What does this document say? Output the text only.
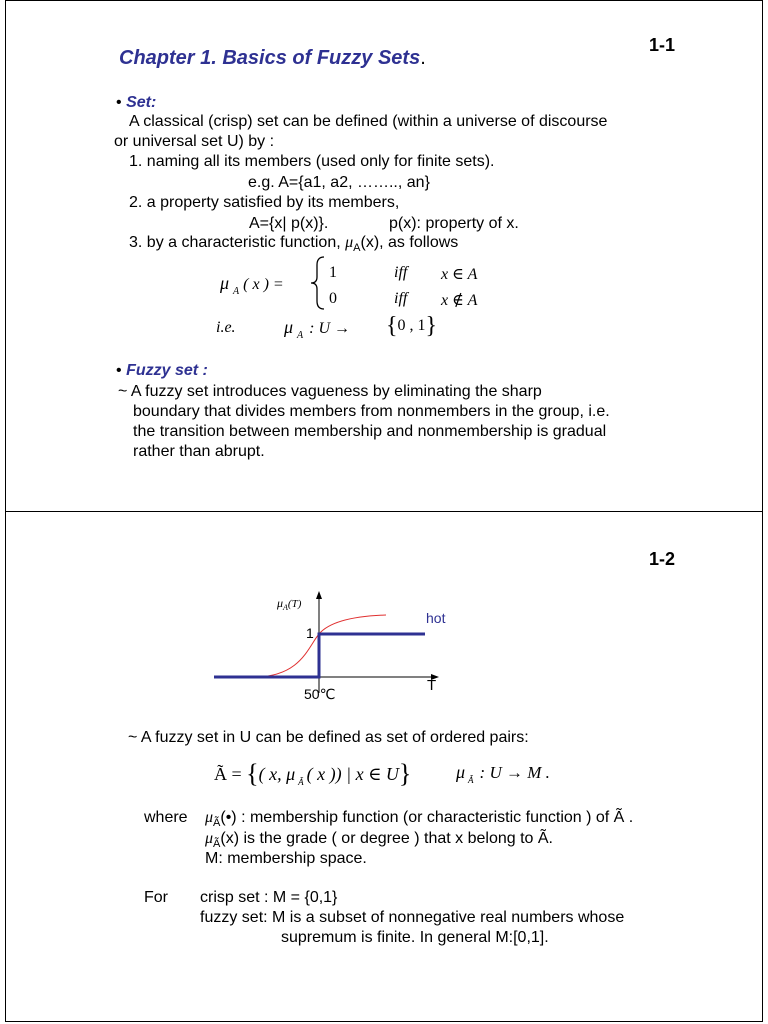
Chapter 1. Basics of Fuzzy Sets.
1-1
• Set:
A classical (crisp) set can be defined (within a universe of discourse
or universal set U) by :
1. naming all its members (used only for finite sets).
e.g. A={a1, a2, …….., an}
2. a property satisfied by its members,
A={x| p(x)}.	p(x): property of x.
3. by a characteristic function, $\mu_A(x)$, as follows
μ $_A$ ( x ) =
1	iff x ∈ A
0	iff x ∉ A
i.e.	μ $_A$ : U → {0 , 1}
• Fuzzy set :
~ A fuzzy set introduces vagueness by eliminating the sharp
boundary that divides members from nonmembers in the group, i.e.
the transition between membership and nonmembership is gradual
rather than abrupt.
1-2
$\mu_A(T)$
hot
1
50℃	T
~ A fuzzy set in U can be defined as set of ordered pairs:
Ã = {( x, μ $_Ã$ ( x )) | x ∈ U} μ $_Ã$ : U → M .
where $\mu_Ã(•)$ : membership function (or characteristic function ) of Ã .
$\mu_Ã(x)$ is the grade ( or degree ) that x belong to Ã.
M: membership space.
For crisp set : M = {0,1}
fuzzy set: M is a subset of nonnegative real numbers whose
supremum is finite. In general M:[0,1].
